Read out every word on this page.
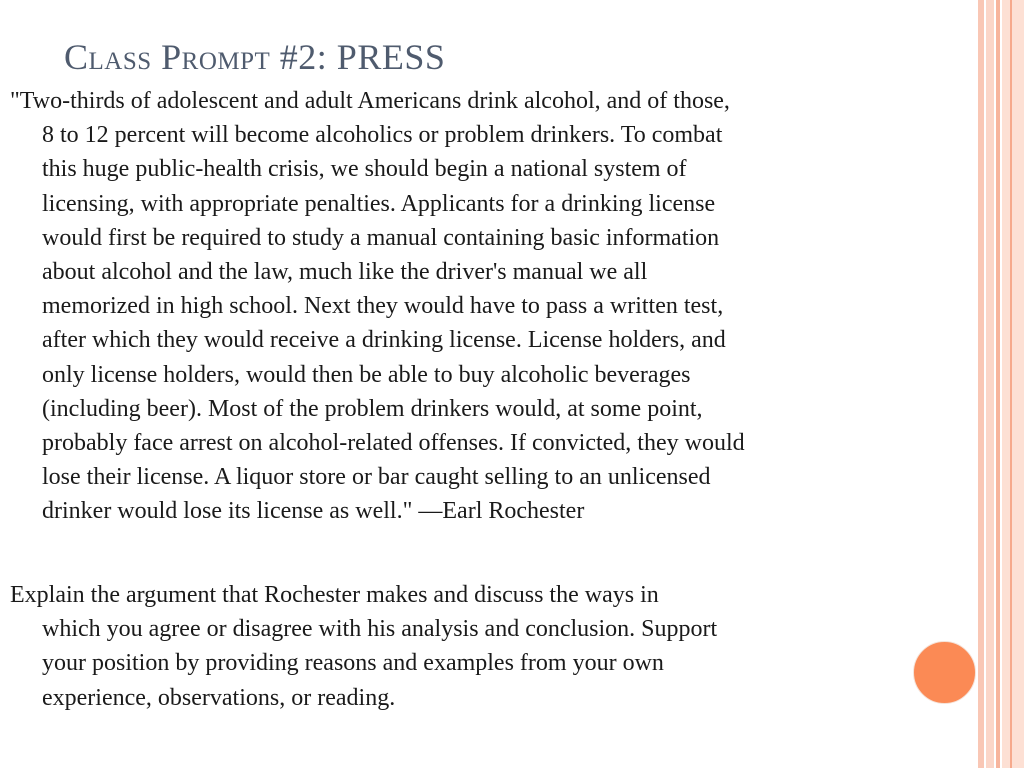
Class Prompt #2: PRESS

"Two-thirds of adolescent and adult Americans drink alcohol, and of those,
8 to 12 percent will become alcoholics or problem drinkers. To combat
this huge public-health crisis, we should begin a national system of
licensing, with appropriate penalties. Applicants for a drinking license
would first be required to study a manual containing basic information
about alcohol and the law, much like the driver's manual we all
memorized in high school. Next they would have to pass a written test,
after which they would receive a drinking license. License holders, and
only license holders, would then be able to buy alcoholic beverages
(including beer). Most of the problem drinkers would, at some point,
probably face arrest on alcohol-related offenses. If convicted, they would
lose their license. A liquor store or bar caught selling to an unlicensed
drinker would lose its license as well." —Earl Rochester

Explain the argument that Rochester makes and discuss the ways in
which you agree or disagree with his analysis and conclusion. Support
your position by providing reasons and examples from your own
experience, observations, or reading.
